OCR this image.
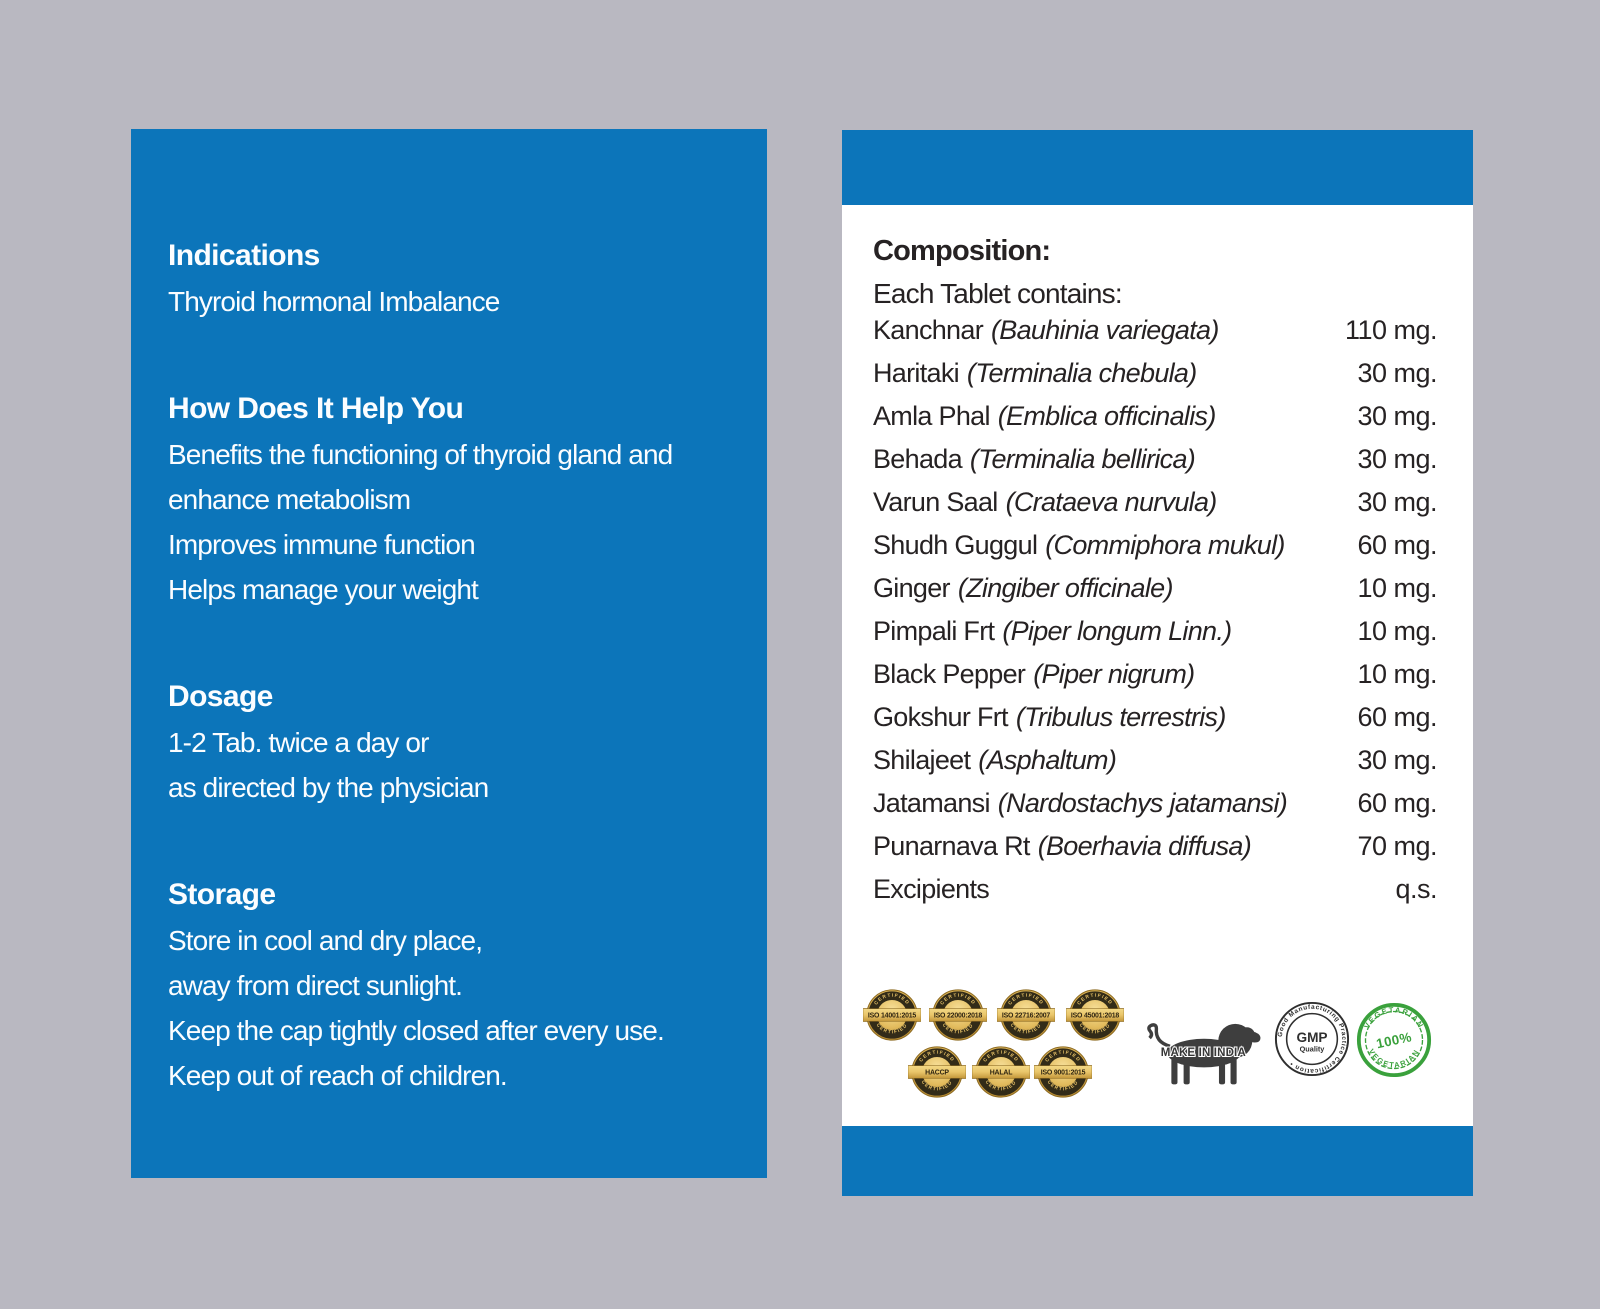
Indications
Thyroid hormonal Imbalance
How Does It Help You
Benefits the functioning of thyroid gland and
enhance metabolism
Improves immune function
Helps manage your weight
Dosage
1-2 Tab. twice a day or
as directed by the physician
Storage
Store in cool and dry place,
away from direct sunlight.
Keep the cap tightly closed after every use.
Keep out of reach of children.
Composition:
Each Tablet contains:
Kanchnar (Bauhinia variegata)	110 mg.
Haritaki (Terminalia chebula)	30 mg.
Amla Phal (Emblica officinalis)	30 mg.
Behada (Terminalia bellirica)	30 mg.
Varun Saal (Crataeva nurvula)	30 mg.
Shudh Guggul (Commiphora mukul)	60 mg.
Ginger (Zingiber officinale)	10 mg.
Pimpali Frt (Piper longum Linn.)	10 mg.
Black Pepper (Piper nigrum)	10 mg.
Gokshur Frt (Tribulus terrestris)	60 mg.
Shilajeet (Asphaltum)	30 mg.
Jatamansi (Nardostachys jatamansi)	60 mg.
Punarnava Rt (Boerhavia diffusa)	70 mg.
Excipients	q.s.
CERTIFIED
CERTIFIED
ISO 14001:2015
CERTIFIED
CERTIFIED
ISO 22000:2018
CERTIFIED
CERTIFIED
ISO 22716:2007
CERTIFIED
CERTIFIED
ISO 45001:2018
CERTIFIED
CERTIFIED
HACCP
CERTIFIED
CERTIFIED
HALAL
CERTIFIED
CERTIFIED
ISO 9001:2015
MAKE IN INDIA
Good Manufacturing Practice Certification •
GMP
Quality
VEGETARIAN
VEGETARIAN
100%
